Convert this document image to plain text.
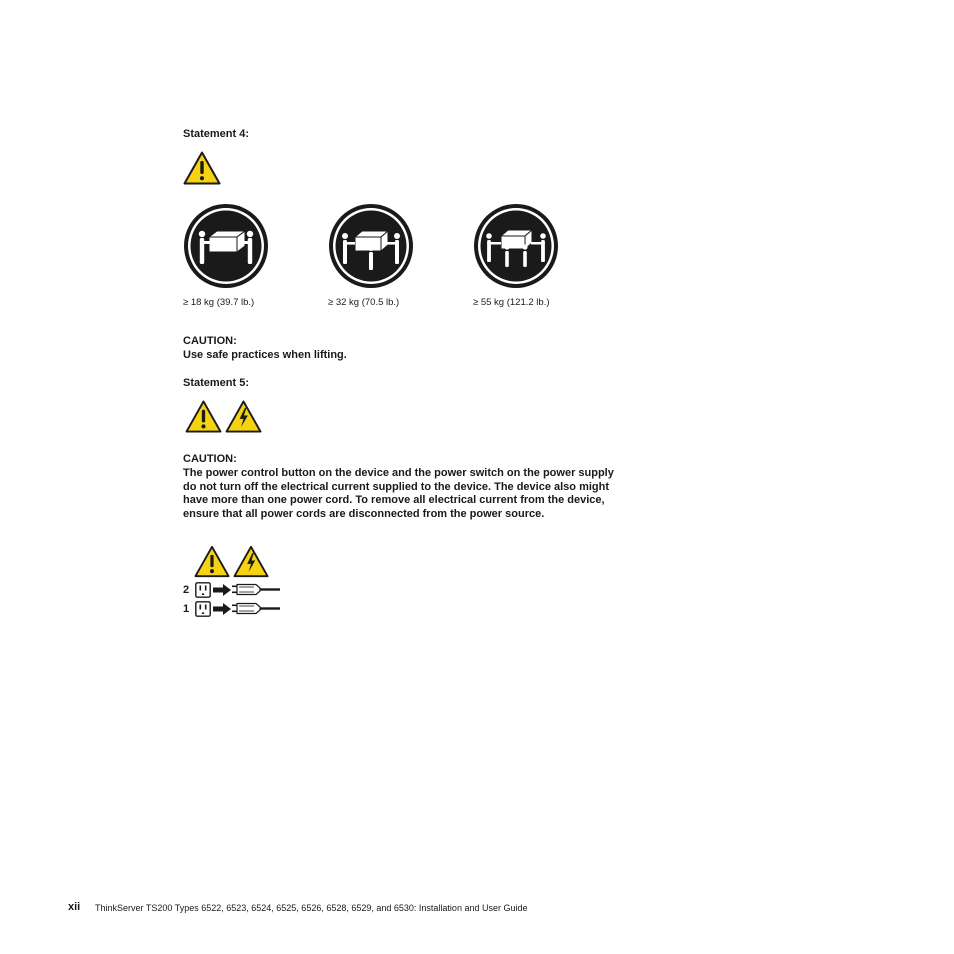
Statement 4:
≥ 18 kg (39.7 lb.)	≥ 32 kg (70.5 lb.)	≥ 55 kg (121.2 lb.)
CAUTION:
Use safe practices when lifting.
Statement 5:
CAUTION:
The power control button on the device and the power switch on the power supply do not turn off the electrical current supplied to the device. The device also might have more than one power cord. To remove all electrical current from the device, ensure that all power cords are disconnected from the power source.
2
1
xii ThinkServer TS200 Types 6522, 6523, 6524, 6525, 6526, 6528, 6529, and 6530: Installation and User Guide
